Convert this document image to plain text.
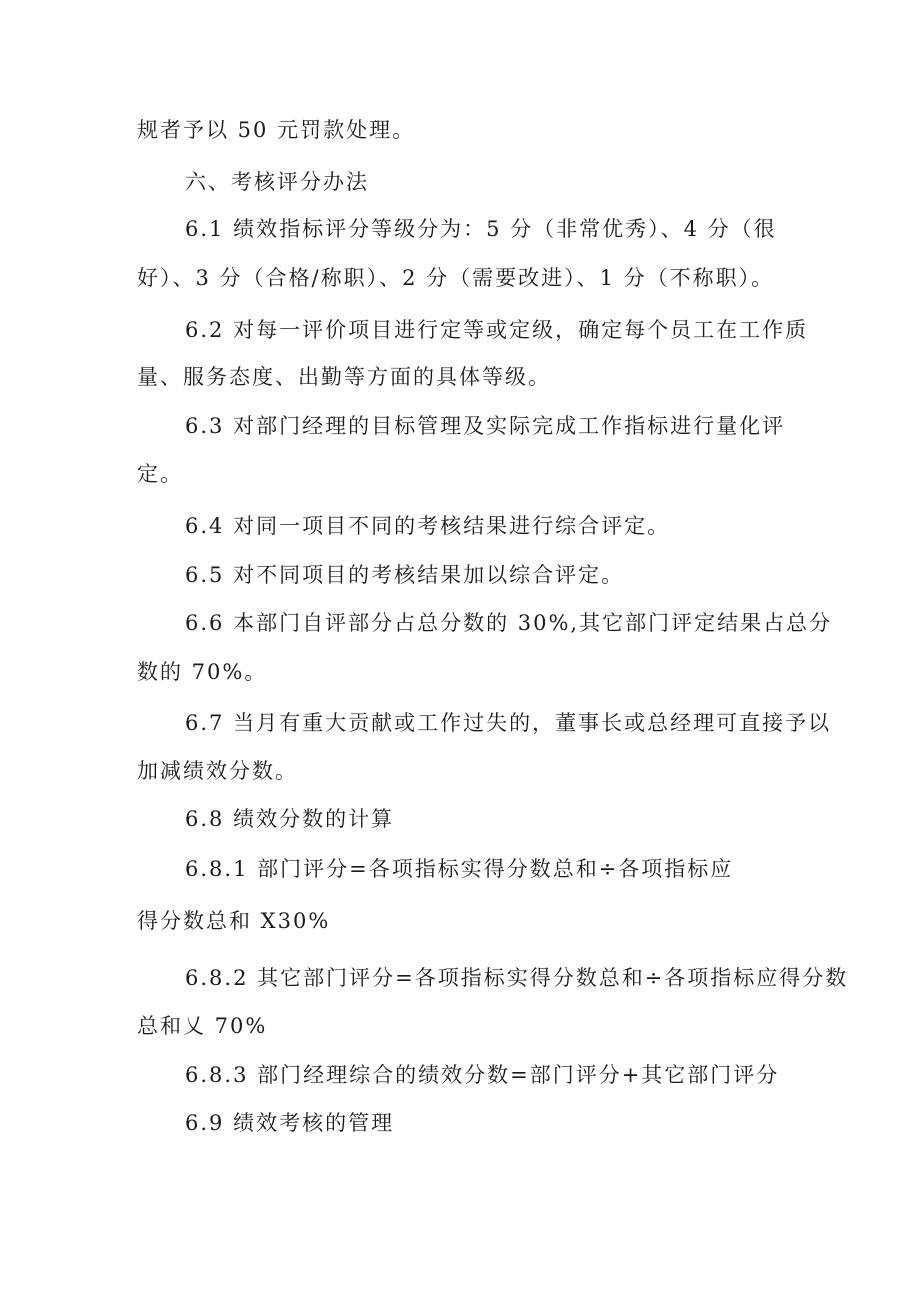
规者予以 50 元罚款处理。
六、考核评分办法
6.1 绩效指标评分等级分为：5 分（非常优秀）、4 分（很
好）、3 分（合格/称职）、2 分（需要改进）、1 分（不称职）。
6.2 对每一评价项目进行定等或定级，确定每个员工在工作质
量、服务态度、出勤等方面的具体等级。
6.3 对部门经理的目标管理及实际完成工作指标进行量化评
定。
6.4 对同一项目不同的考核结果进行综合评定。
6.5 对不同项目的考核结果加以综合评定。
6.6 本部门自评部分占总分数的 30%,其它部门评定结果占总分
数的 70%。
6.7 当月有重大贡献或工作过失的，董事长或总经理可直接予以
加减绩效分数。
6.8 绩效分数的计算
6.8.1 部门评分=各项指标实得分数总和÷各项指标应
得分数总和 X30%
6.8.2 其它部门评分=各项指标实得分数总和÷各项指标应得分数
总和乂 70%
6.8.3 部门经理综合的绩效分数=部门评分+其它部门评分
6.9 绩效考核的管理
